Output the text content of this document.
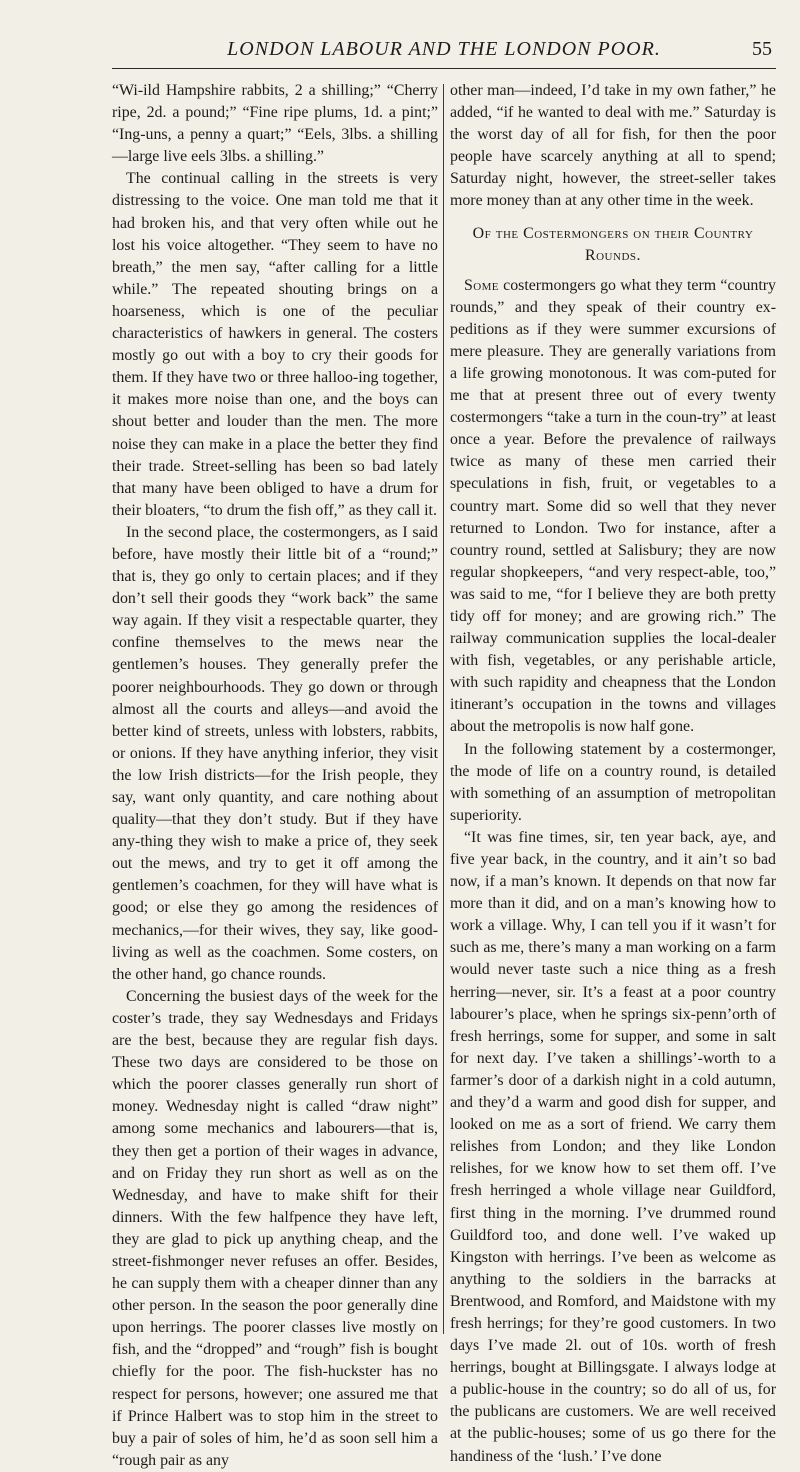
LONDON LABOUR AND THE LONDON POOR.	55

“Wi-ild Hampshire rabbits, 2 a shilling;” “Cherry ripe, 2d. a pound;” “Fine ripe plums, 1d. a pint;” “Ing-uns, a penny a quart;” “Eels, 3lbs. a shilling—large live eels 3lbs. a shilling.”

The continual calling in the streets is very distressing to the voice. One man told me that it had broken his, and that very often while out he lost his voice altogether. “They seem to have no breath,” the men say, “after calling for a little while.” The repeated shouting brings on a hoarseness, which is one of the peculiar characteristics of hawkers in general. The costers mostly go out with a boy to cry their goods for them. If they have two or three halloo-ing together, it makes more noise than one, and the boys can shout better and louder than the men. The more noise they can make in a place the better they find their trade. Street-selling has been so bad lately that many have been obliged to have a drum for their bloaters, “to drum the fish off,” as they call it.

In the second place, the costermongers, as I said before, have mostly their little bit of a “round;” that is, they go only to certain places; and if they don’t sell their goods they “work back” the same way again. If they visit a respectable quarter, they confine themselves to the mews near the gentlemen’s houses. They generally prefer the poorer neighbourhoods. They go down or through almost all the courts and alleys—and avoid the better kind of streets, unless with lobsters, rabbits, or onions. If they have anything inferior, they visit the low Irish districts—for the Irish people, they say, want only quantity, and care nothing about quality—that they don’t study. But if they have any-thing they wish to make a price of, they seek out the mews, and try to get it off among the gentlemen’s coachmen, for they will have what is good; or else they go among the residences of mechanics,—for their wives, they say, like good-living as well as the coachmen. Some costers, on the other hand, go chance rounds.

Concerning the busiest days of the week for the coster’s trade, they say Wednesdays and Fridays are the best, because they are regular fish days. These two days are considered to be those on which the poorer classes generally run short of money. Wednesday night is called “draw night” among some mechanics and labourers—that is, they then get a portion of their wages in advance, and on Friday they run short as well as on the Wednesday, and have to make shift for their dinners. With the few halfpence they have left, they are glad to pick up anything cheap, and the street-fishmonger never refuses an offer. Besides, he can supply them with a cheaper dinner than any other person. In the season the poor generally dine upon herrings. The poorer classes live mostly on fish, and the “dropped” and “rough” fish is bought chiefly for the poor. The fish-huckster has no respect for persons, however; one assured me that if Prince Halbert was to stop him in the street to buy a pair of soles of him, he’d as soon sell him a “rough pair as any

other man—indeed, I’d take in my own father,” he added, “if he wanted to deal with me.” Saturday is the worst day of all for fish, for then the poor people have scarcely anything at all to spend; Saturday night, however, the street-seller takes more money than at any other time in the week.

Of the Costermongers on their Country Rounds.

Some costermongers go what they term “country rounds,” and they speak of their country ex-peditions as if they were summer excursions of mere pleasure. They are generally variations from a life growing monotonous. It was com-puted for me that at present three out of every twenty costermongers “take a turn in the coun-try” at least once a year. Before the prevalence of railways twice as many of these men carried their speculations in fish, fruit, or vegetables to a country mart. Some did so well that they never returned to London. Two for instance, after a country round, settled at Salisbury; they are now regular shopkeepers, “and very respect-able, too,” was said to me, “for I believe they are both pretty tidy off for money; and are growing rich.” The railway communication supplies the local-dealer with fish, vegetables, or any perishable article, with such rapidity and cheapness that the London itinerant’s occupation in the towns and villages about the metropolis is now half gone.

In the following statement by a costermonger, the mode of life on a country round, is detailed with something of an assumption of metropolitan superiority.

“It was fine times, sir, ten year back, aye, and five year back, in the country, and it ain’t so bad now, if a man’s known. It depends on that now far more than it did, and on a man’s knowing how to work a village. Why, I can tell you if it wasn’t for such as me, there’s many a man working on a farm would never taste such a nice thing as a fresh herring—never, sir. It’s a feast at a poor country labourer’s place, when he springs six-penn’orth of fresh herrings, some for supper, and some in salt for next day. I’ve taken a shillings’-worth to a farmer’s door of a darkish night in a cold autumn, and they’d a warm and good dish for supper, and looked on me as a sort of friend. We carry them relishes from London; and they like London relishes, for we know how to set them off. I’ve fresh herringed a whole village near Guildford, first thing in the morning. I’ve drummed round Guildford too, and done well. I’ve waked up Kingston with herrings. I’ve been as welcome as anything to the soldiers in the barracks at Brentwood, and Romford, and Maidstone with my fresh herrings; for they’re good customers. In two days I’ve made 2l. out of 10s. worth of fresh herrings, bought at Billingsgate. I always lodge at a public-house in the country; so do all of us, for the publicans are customers. We are well received at the public-houses; some of us go there for the handiness of the ‘lush.’ I’ve done
